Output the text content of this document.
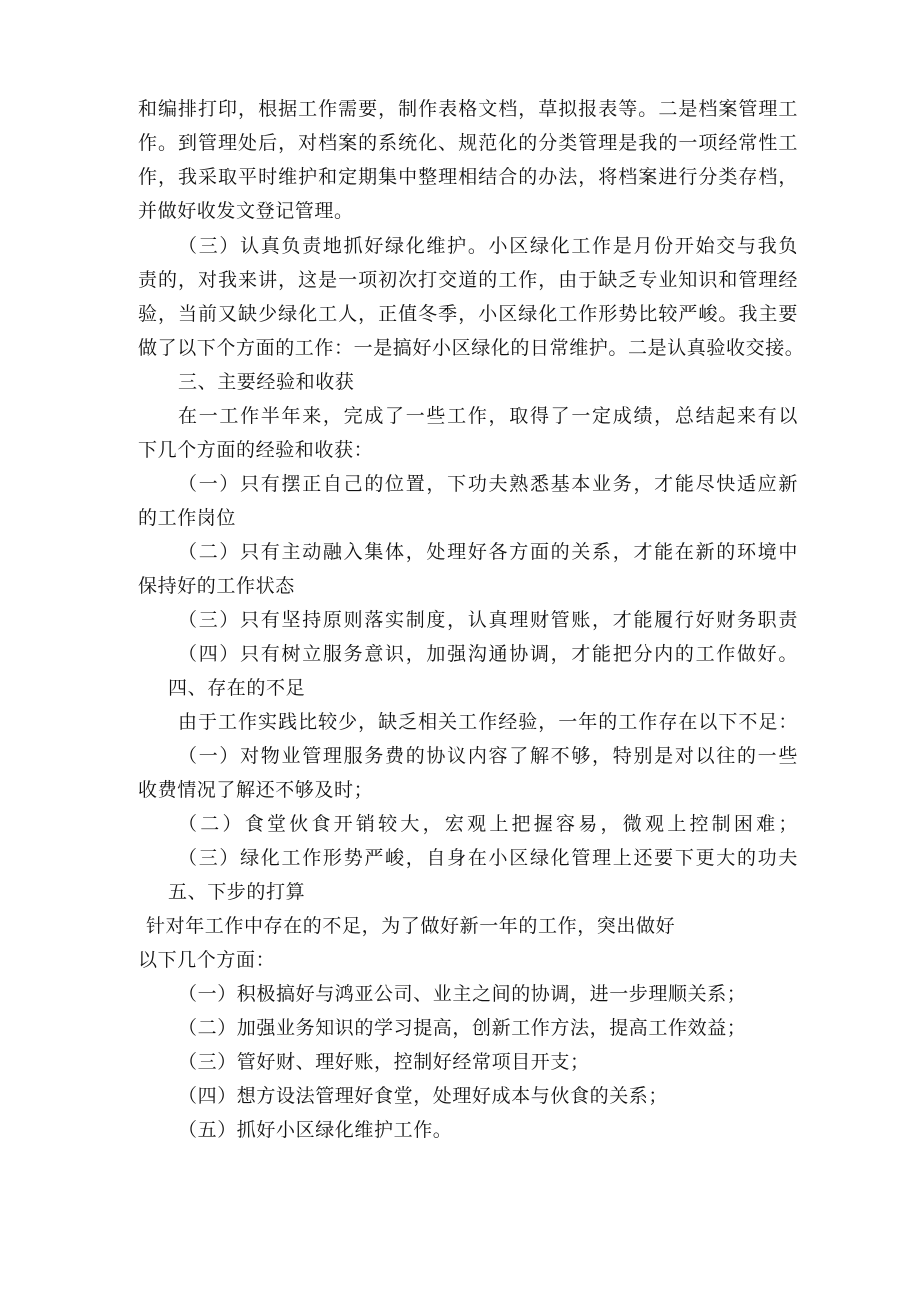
和编排打印，根据工作需要，制作表格文档，草拟报表等。二是档案管理工
作。到管理处后，对档案的系统化、规范化的分类管理是我的一项经常性工
作，我采取平时维护和定期集中整理相结合的办法，将档案进行分类存档，
并做好收发文登记管理。
（三）认真负责地抓好绿化维护。小区绿化工作是月份开始交与我负
责的，对我来讲，这是一项初次打交道的工作，由于缺乏专业知识和管理经
验，当前又缺少绿化工人，正值冬季，小区绿化工作形势比较严峻。我主要
做了以下个方面的工作：一是搞好小区绿化的日常维护。二是认真验收交接。
三、主要经验和收获
在一工作半年来，完成了一些工作，取得了一定成绩，总结起来有以
下几个方面的经验和收获：
（一）只有摆正自己的位置，下功夫熟悉基本业务，才能尽快适应新
的工作岗位
（二）只有主动融入集体，处理好各方面的关系，才能在新的环境中
保持好的工作状态
（三）只有坚持原则落实制度，认真理财管账，才能履行好财务职责
（四）只有树立服务意识，加强沟通协调，才能把分内的工作做好。
四、存在的不足
由于工作实践比较少，缺乏相关工作经验，一年的工作存在以下不足：
（一）对物业管理服务费的协议内容了解不够，特别是对以往的一些
收费情况了解还不够及时；
（二）食堂伙食开销较大，宏观上把握容易，微观上控制困难；
（三）绿化工作形势严峻，自身在小区绿化管理上还要下更大的功夫
五、下步的打算
针对年工作中存在的不足，为了做好新一年的工作，突出做好
以下几个方面：
（一）积极搞好与鸿亚公司、业主之间的协调，进一步理顺关系；
（二）加强业务知识的学习提高，创新工作方法，提高工作效益；
（三）管好财、理好账，控制好经常项目开支；
（四）想方设法管理好食堂，处理好成本与伙食的关系；
（五）抓好小区绿化维护工作。
